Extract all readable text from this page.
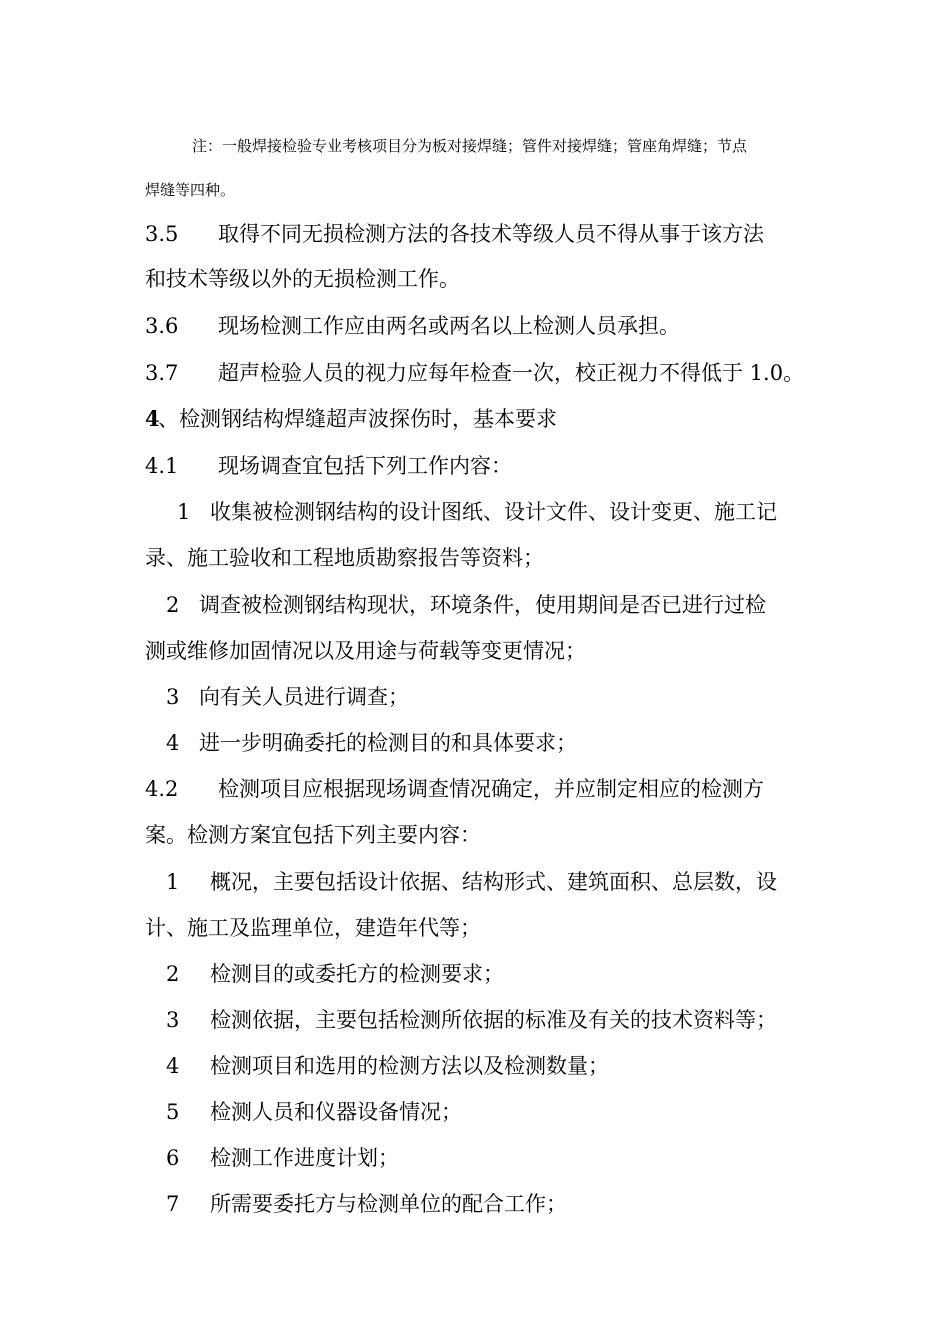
注：一般焊接检验专业考核项目分为板对接焊缝；管件对接焊缝；管座角焊缝；节点
焊缝等四种。
3.5 取得不同无损检测方法的各技术等级人员不得从事于该方法
和技术等级以外的无损检测工作。
3.6 现场检测工作应由两名或两名以上检测人员承担。
3.7 超声检验人员的视力应每年检查一次，校正视力不得低于 1.0。
4
、检测钢结构焊缝超声波探伤时，基本要求
4.1 现场调查宜包括下列工作内容：
1 收集被检测钢结构的设计图纸、设计文件、设计变更、施工记
录、施工验收和工程地质勘察报告等资料；
2 调查被检测钢结构现状，环境条件，使用期间是否已进行过检
测或维修加固情况以及用途与荷载等变更情况；
3 向有关人员进行调查；
4 进一步明确委托的检测目的和具体要求；
4.2 检测项目应根据现场调查情况确定，并应制定相应的检测方
案。检测方案宜包括下列主要内容：
1 概况，主要包括设计依据、结构形式、建筑面积、总层数，设
计、施工及监理单位，建造年代等；
2 检测目的或委托方的检测要求；
3 检测依据，主要包括检测所依据的标准及有关的技术资料等；
4 检测项目和选用的检测方法以及检测数量；
5 检测人员和仪器设备情况；
6 检测工作进度计划；
7 所需要委托方与检测单位的配合工作；
